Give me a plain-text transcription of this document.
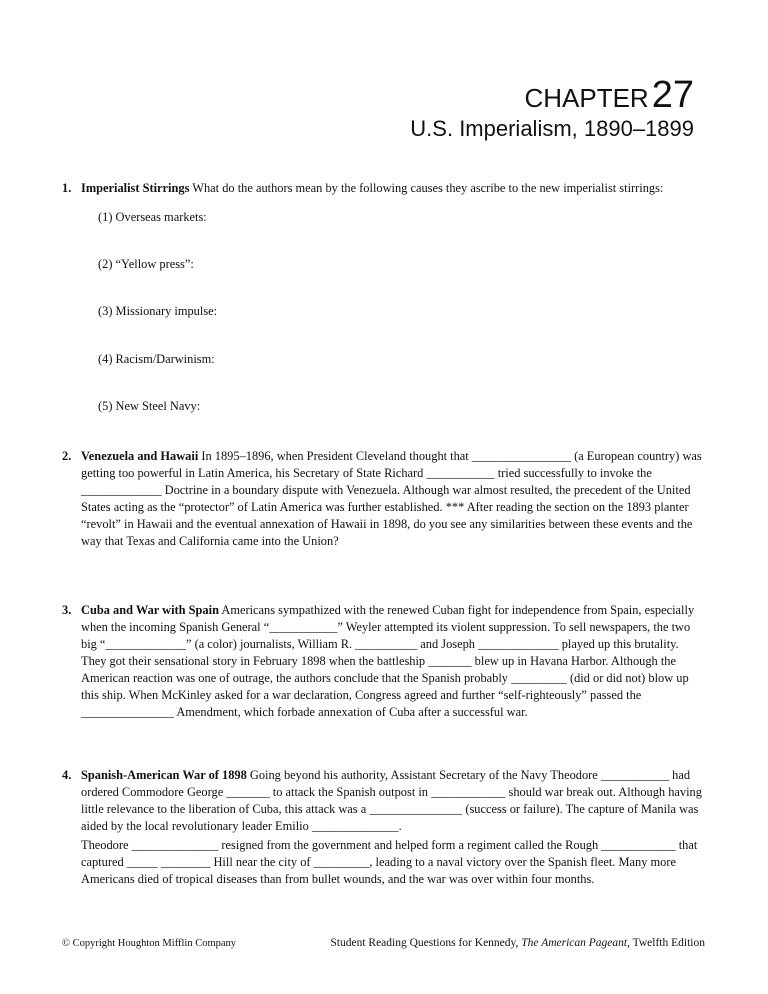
CHAPTER27
U.S. Imperialism, 1890–1899
1. Imperialist Stirrings What do the authors mean by the following causes they ascribe to the new imperialist stirrings:
(1) Overseas markets:
(2) “Yellow press”:
(3) Missionary impulse:
(4) Racism/Darwinism:
(5) New Steel Navy:
2. Venezuela and Hawaii In 1895–1896, when President Cleveland thought that ________________ (a European country) was getting too powerful in Latin America, his Secretary of State Richard ___________ tried successfully to invoke the _____________ Doctrine in a boundary dispute with Venezuela. Although war almost resulted, the precedent of the United States acting as the “protector” of Latin America was further established. *** After reading the section on the 1893 planter “revolt” in Hawaii and the eventual annexation of Hawaii in 1898, do you see any similarities between these events and the way that Texas and California came into the Union?
3. Cuba and War with Spain Americans sympathized with the renewed Cuban fight for independence from Spain, especially when the incoming Spanish General “___________” Weyler attempted its violent suppression. To sell newspapers, the two big “_____________” (a color) journalists, William R. __________ and Joseph _____________ played up this brutality. They got their sensational story in February 1898 when the battleship _______ blew up in Havana Harbor. Although the American reaction was one of outrage, the authors conclude that the Spanish probably _________ (did or did not) blow up this ship. When McKinley asked for a war declaration, Congress agreed and further “self-righteously” passed the _______________ Amendment, which forbade annexation of Cuba after a successful war.
4. Spanish-American War of 1898 Going beyond his authority, Assistant Secretary of the Navy Theodore ___________ had ordered Commodore George _______ to attack the Spanish outpost in ____________ should war break out. Although having little relevance to the liberation of Cuba, this attack was a _______________ (success or failure). The capture of Manila was aided by the local revolutionary leader Emilio ______________.
Theodore ______________ resigned from the government and helped form a regiment called the Rough ____________ that captured _____ ________ Hill near the city of _________, leading to a naval victory over the Spanish fleet. Many more Americans died of tropical diseases than from bullet wounds, and the war was over within four months.
© Copyright Houghton Mifflin Company	Student Reading Questions for Kennedy, The American Pageant, Twelfth Edition
